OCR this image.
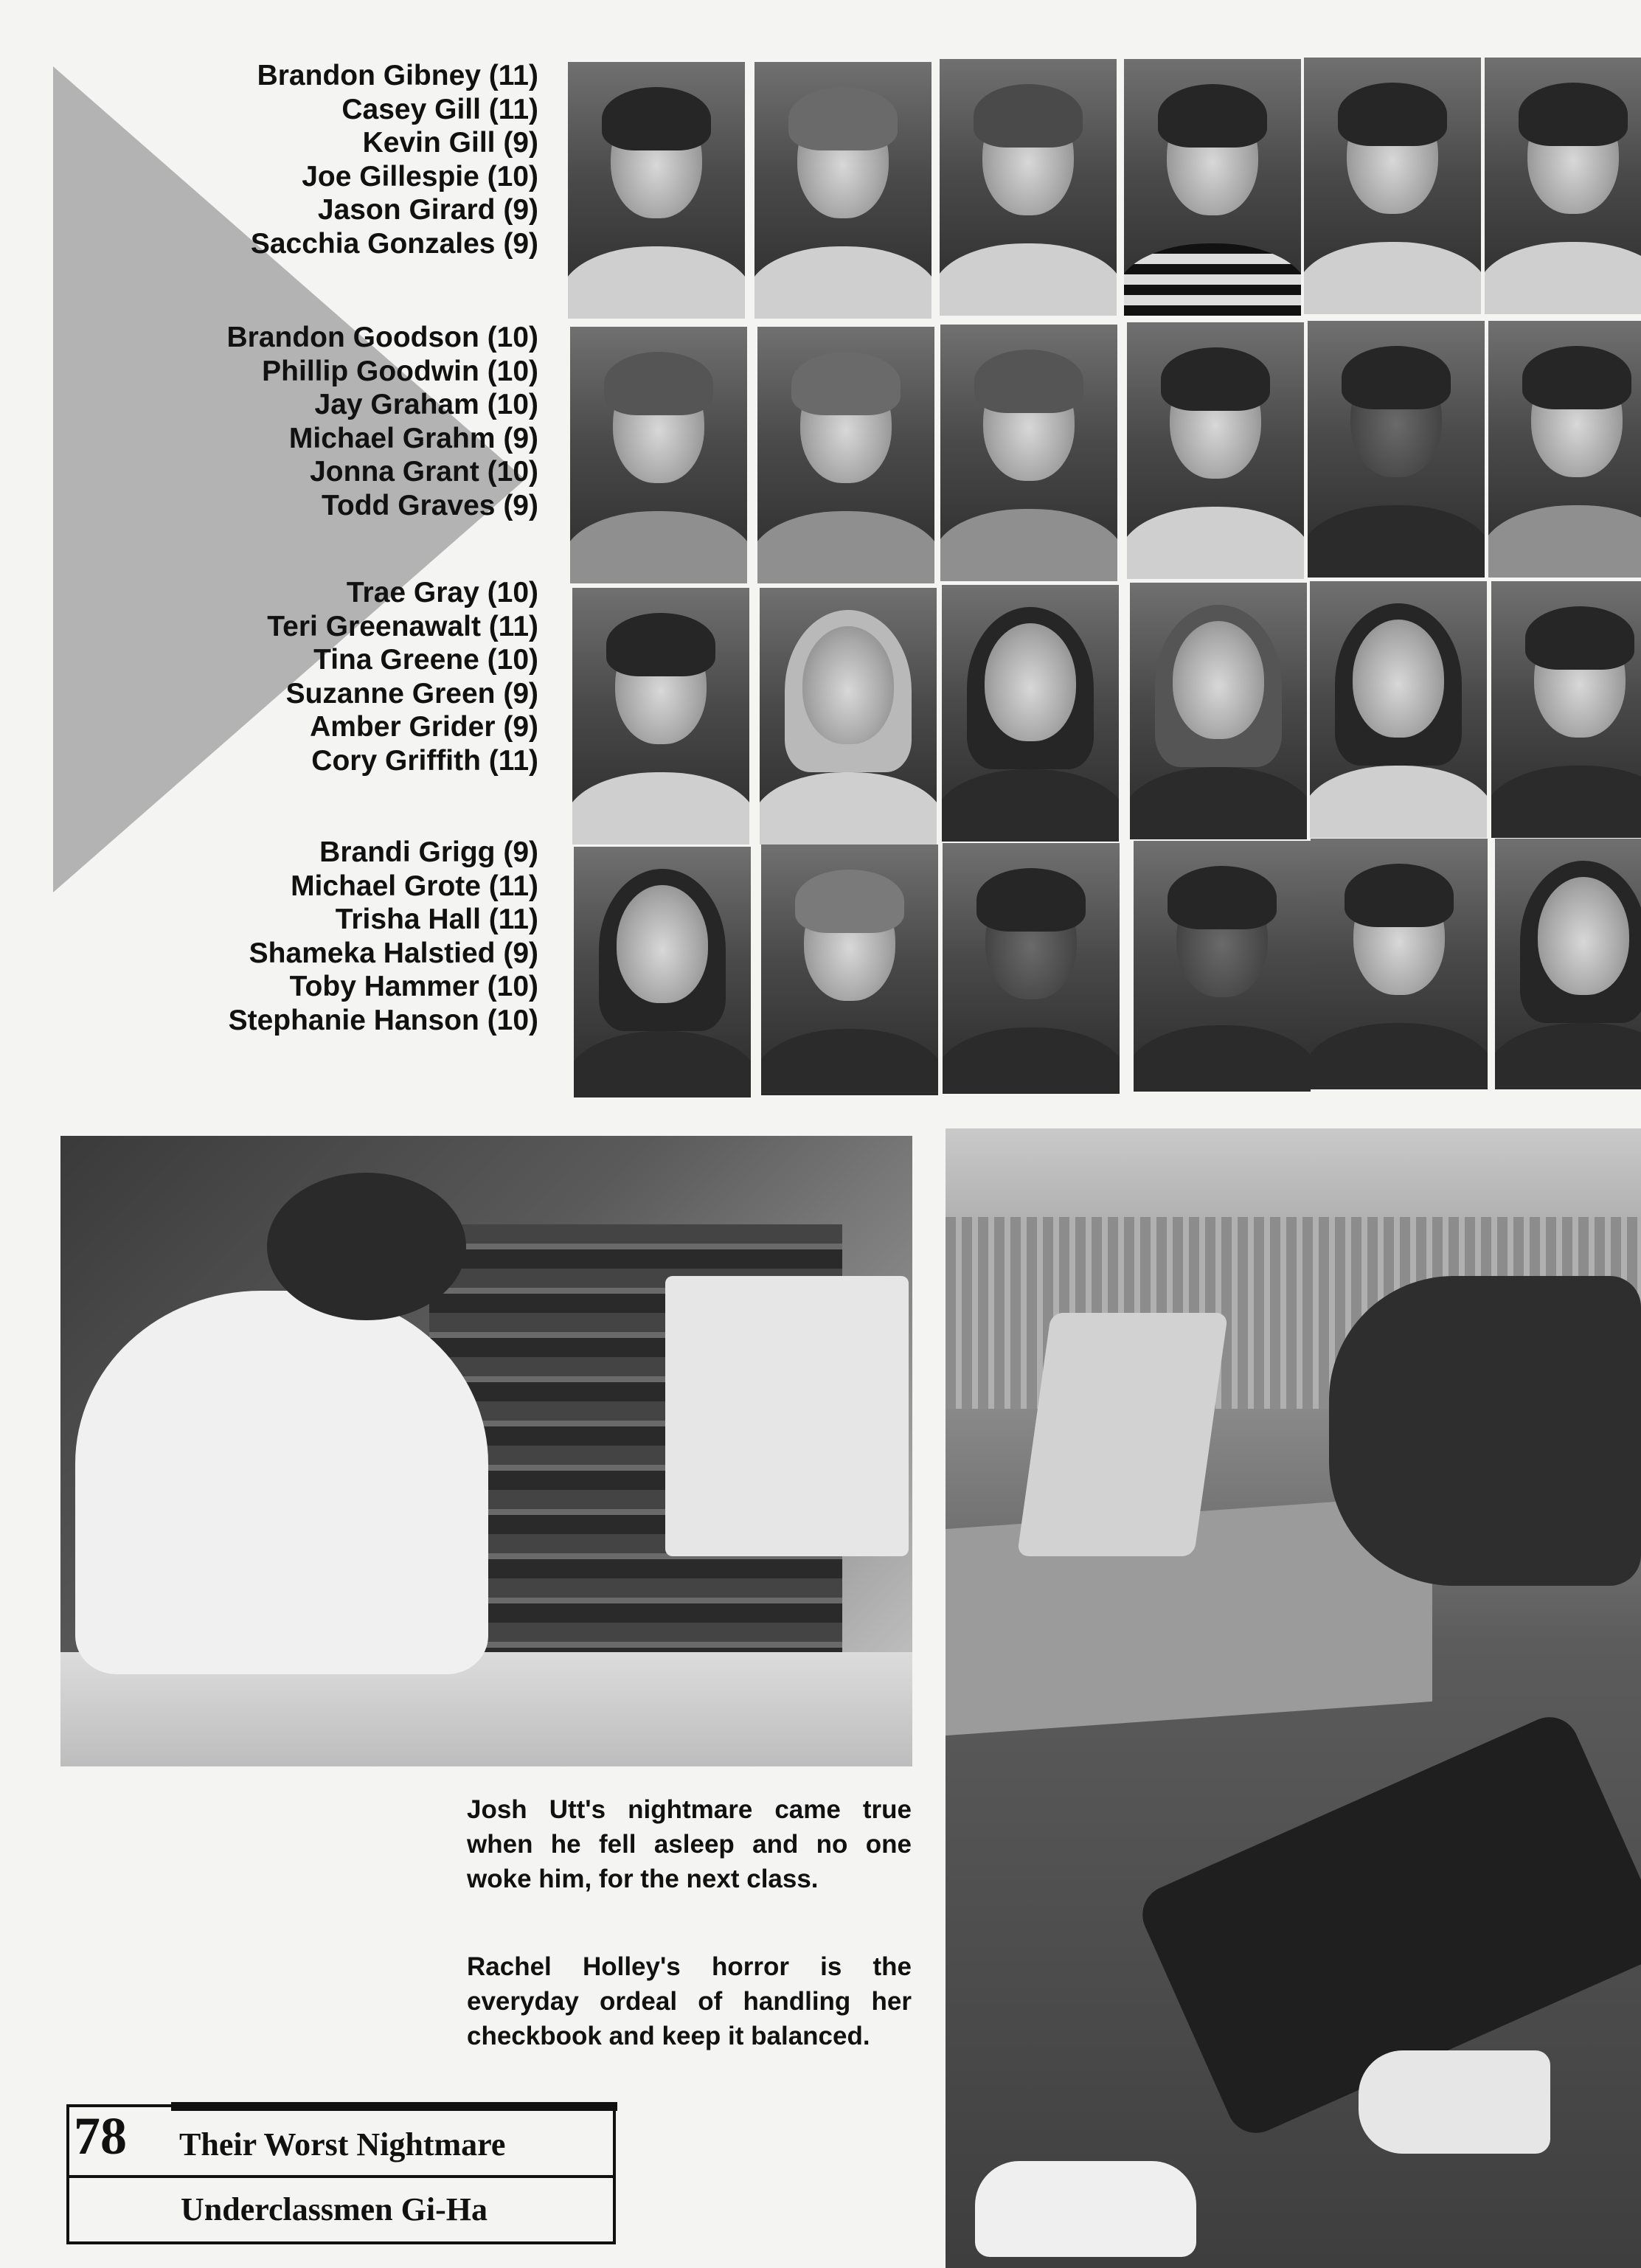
Brandon Gibney (11)
Casey Gill (11)
Kevin Gill (9)
Joe Gillespie (10)
Jason Girard (9)
Sacchia Gonzales (9)
Brandon Goodson (10)
Phillip Goodwin (10)
Jay Graham (10)
Michael Grahm (9)
Jonna Grant (10)
Todd Graves (9)
Trae Gray (10)
Teri Greenawalt (11)
Tina Greene (10)
Suzanne Green (9)
Amber Grider (9)
Cory Griffith (11)
Brandi Grigg (9)
Michael Grote (11)
Trisha Hall (11)
Shameka Halstied (9)
Toby Hammer (10)
Stephanie Hanson (10)
Josh Utt's nightmare came true when he fell asleep and no one woke him, for the next class.
Rachel Holley's horror is the everyday ordeal of handling her checkbook and keep it balanced.
78 Their Worst Nightmare
Underclassmen Gi-Ha
